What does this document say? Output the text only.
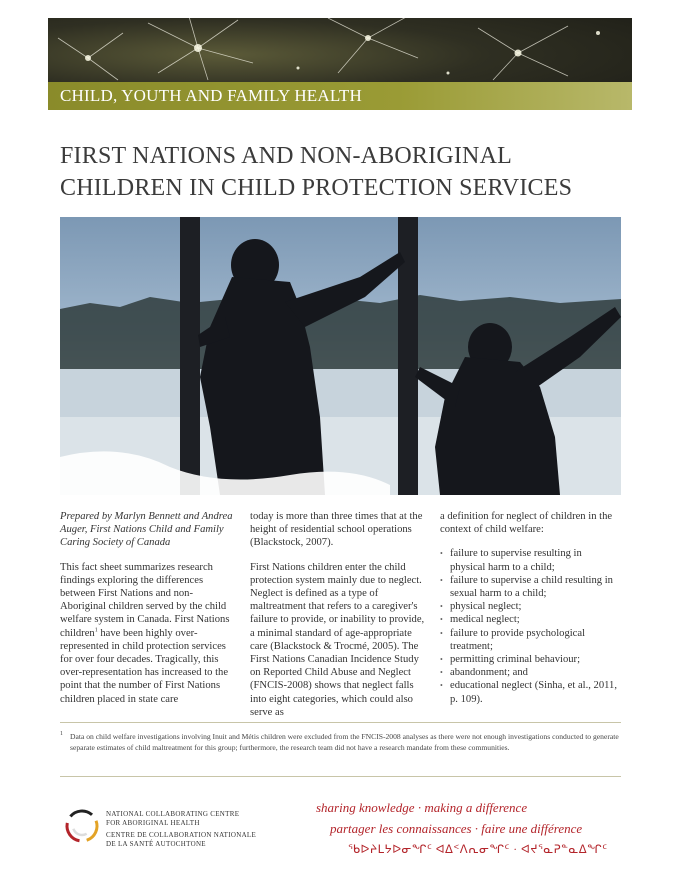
CHILD, YOUTH AND FAMILY HEALTH
FIRST NATIONS AND NON-ABORIGINAL
CHILDREN IN CHILD PROTECTION SERVICES

Prepared by Marlyn Bennett and Andrea Auger, First Nations Child and Family Caring Society of Canada

This fact sheet summarizes research findings exploring the differences between First Nations and non-Aboriginal children served by the child welfare system in Canada. First Nations children$^1$ have been highly over-represented in child protection services for over four decades. Tragically, this over-representation has increased to the point that the number of First Nations children placed in state care

today is more than three times that at the height of residential school operations (Blackstock, 2007).

First Nations children enter the child protection system mainly due to neglect. Neglect is defined as a type of maltreatment that refers to a caregiver's failure to provide, or inability to provide, a minimal standard of age-appropriate care (Blackstock & Trocmé, 2005). The First Nations Canadian Incidence Study on Reported Child Abuse and Neglect (FNCIS-2008) shows that neglect falls into eight categories, which could also serve as

a definition for neglect of children in the context of child welfare:

• failure to supervise resulting in physical harm to a child;
• failure to supervise a child resulting in sexual harm to a child;
• physical neglect;
• medical neglect;
• failure to provide psychological treatment;
• permitting criminal behaviour;
• abandonment; and
• educational neglect (Sinha, et al., 2011, p. 109).

1 Data on child welfare investigations involving Inuit and Métis children were excluded from the FNCIS-2008 analyses as there were not enough investigations conducted to generate separate estimates of child maltreatment for this group; furthermore, the research team did not have a research mandate from these communities.

NATIONAL COLLABORATING CENTRE
FOR ABORIGINAL HEALTH
CENTRE DE COLLABORATION NATIONALE
DE LA SANTÉ AUTOCHTONE
sharing knowledge · making a difference
partager les connaissances · faire une différence
ᖃᐅᔨᒪᔭᐅᓂᖏᑦ ᐊᐃᑉᐱᕆᓂᖏᑦ · ᐊᔪᕐᓇᕈᓐᓇᐃᖏᑦ
